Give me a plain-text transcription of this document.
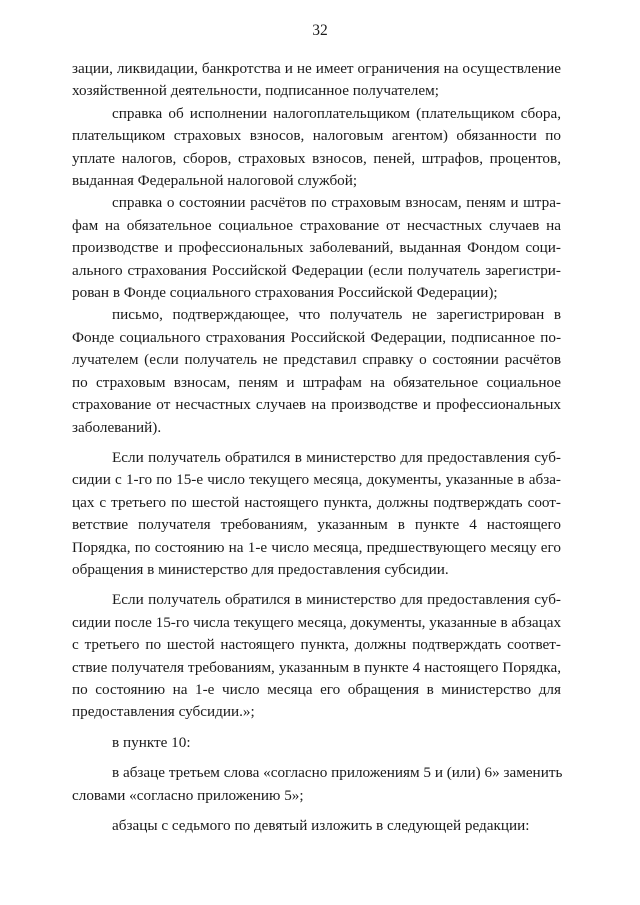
32

зации, ликвидации, банкротства и не имеет ограничения на осуществление
хозяйственной деятельности, подписанное получателем;

справка об исполнении налогоплательщиком (плательщиком сбора,
плательщиком страховых взносов, налоговым агентом) обязанности по
уплате налогов, сборов, страховых взносов, пеней, штрафов, процентов,
выданная Федеральной налоговой службой;

справка о состоянии расчётов по страховым взносам, пеням и штра-
фам на обязательное социальное страхование от несчастных случаев на
производстве и профессиональных заболеваний, выданная Фондом соци-
ального страхования Российской Федерации (если получатель зарегистри-
рован в Фонде социального страхования Российской Федерации);

письмо, подтверждающее, что получатель не зарегистрирован в
Фонде социального страхования Российской Федерации, подписанное по-
лучателем (если получатель не представил справку о состоянии расчётов
по страховым взносам, пеням и штрафам на обязательное социальное
страхование от несчастных случаев на производстве и профессиональных
заболеваний).

Если получатель обратился в министерство для предоставления суб-
сидии с 1-го по 15-е число текущего месяца, документы, указанные в абза-
цах с третьего по шестой настоящего пункта, должны подтверждать соот-
ветствие получателя требованиям, указанным в пункте 4 настоящего
Порядка, по состоянию на 1-е число месяца, предшествующего месяцу его
обращения в министерство для предоставления субсидии.

Если получатель обратился в министерство для предоставления суб-
сидии после 15-го числа текущего месяца, документы, указанные в абзацах
с третьего по шестой настоящего пункта, должны подтверждать соответ-
ствие получателя требованиям, указанным в пункте 4 настоящего Порядка,
по состоянию на 1-е число месяца его обращения в министерство для
предоставления субсидии.»;

в пункте 10:

в абзаце третьем слова «согласно приложениям 5 и (или) 6» заменить
словами «согласно приложению 5»;

абзацы с седьмого по девятый изложить в следующей редакции:
